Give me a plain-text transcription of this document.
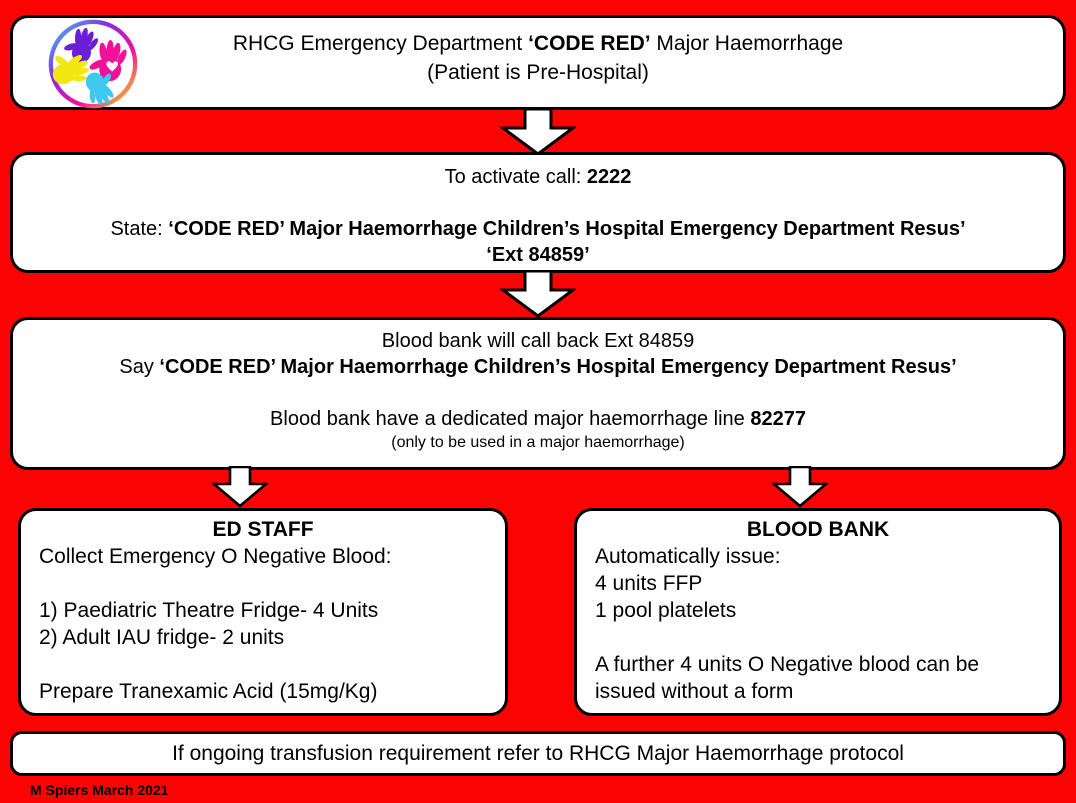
RHCG Emergency Department ‘CODE RED’ Major Haemorrhage
(Patient is Pre-Hospital)
To activate call: 2222
State: ‘CODE RED’ Major Haemorrhage Children’s Hospital Emergency Department Resus’
‘Ext 84859’
Blood bank will call back Ext 84859
Say ‘CODE RED’ Major Haemorrhage Children’s Hospital Emergency Department Resus’
Blood bank have a dedicated major haemorrhage line 82277
(only to be used in a major haemorrhage)
ED STAFF
Collect Emergency O Negative Blood:
1) Paediatric Theatre Fridge- 4 Units
2) Adult IAU fridge- 2 units
Prepare Tranexamic Acid (15mg/Kg)
BLOOD BANK
Automatically issue:
4 units FFP
1 pool platelets
A further 4 units O Negative blood can be
issued without a form
If ongoing transfusion requirement refer to RHCG Major Haemorrhage protocol
M Spiers March 2021
